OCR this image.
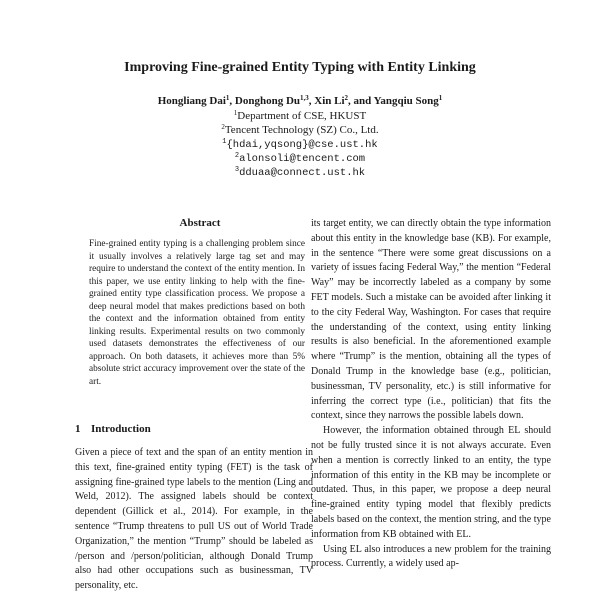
Improving Fine-grained Entity Typing with Entity Linking
Hongliang Dai$^1$, Donghong Du$^{1,3}$, Xin Li$^2$, and Yangqiu Song$^1$
$^1$Department of CSE, HKUST
$^2$Tencent Technology (SZ) Co., Ltd.
$^1${hdai,yqsong}@cse.ust.hk
$^2$alonsoli@tencent.com
$^3$dduaa@connect.ust.hk
Abstract

Fine-grained entity typing is a challenging problem since it usually involves a relatively large tag set and may require to understand the context of the entity mention. In this paper, we use entity linking to help with the fine-grained entity type classification process. We propose a deep neural model that makes predictions based on both the context and the information obtained from entity linking results. Experimental results on two commonly used datasets demonstrates the effectiveness of our approach. On both datasets, it achieves more than 5% absolute strict accuracy improvement over the state of the art.

1 Introduction

Given a piece of text and the span of an entity mention in this text, fine-grained entity typing (FET) is the task of assigning fine-grained type labels to the mention (Ling and Weld, 2012). The assigned labels should be context dependent (Gillick et al., 2014). For example, in the sentence “Trump threatens to pull US out of World Trade Organization,” the mention “Trump” should be labeled as /person and /person/politician, although Donald Trump also had other occupations such as businessman, TV personality, etc.

its target entity, we can directly obtain the type information about this entity in the knowledge base (KB). For example, in the sentence “There were some great discussions on a variety of issues facing Federal Way,” the mention “Federal Way” may be incorrectly labeled as a company by some FET models. Such a mistake can be avoided after linking it to the city Federal Way, Washington. For cases that require the understanding of the context, using entity linking results is also beneficial. In the aforementioned example where “Trump” is the mention, obtaining all the types of Donald Trump in the knowledge base (e.g., politician, businessman, TV personality, etc.) is still informative for inferring the correct type (i.e., politician) that fits the context, since they narrows the possible labels down.

However, the information obtained through EL should not be fully trusted since it is not always accurate. Even when a mention is correctly linked to an entity, the type information of this entity in the KB may be incomplete or outdated. Thus, in this paper, we propose a deep neural fine-grained entity typing model that flexibly predicts labels based on the context, the mention string, and the type information from KB obtained with EL.

Using EL also introduces a new problem for the training process. Currently, a widely used ap-
